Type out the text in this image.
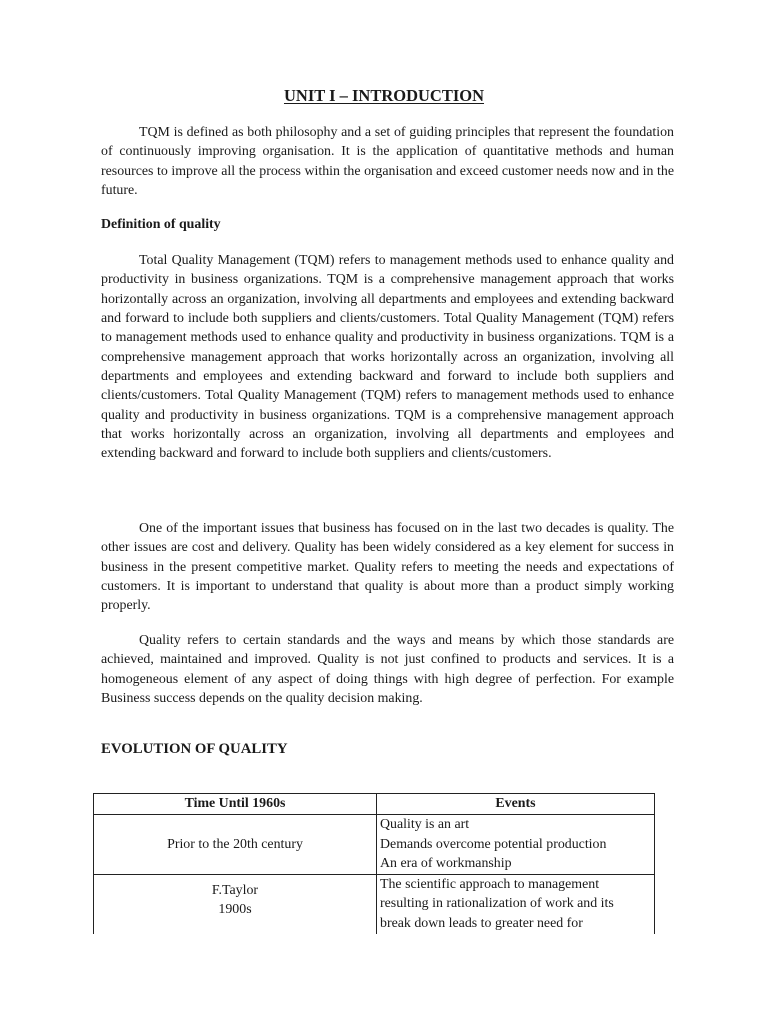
UNIT I – INTRODUCTION

TQM is defined as both philosophy and a set of guiding principles that represent the foundation of continuously improving organisation. It is the application of quantitative methods and human resources to improve all the process within the organisation and exceed customer needs now and in the future.

Definition of quality

Total Quality Management (TQM) refers to management methods used to enhance quality and productivity in business organizations. TQM is a comprehensive management approach that works horizontally across an organization, involving all departments and employees and extending backward and forward to include both suppliers and clients/customers. Total Quality Management (TQM) refers to management methods used to enhance quality and productivity in business organizations. TQM is a comprehensive management approach that works horizontally across an organization, involving all departments and employees and extending backward and forward to include both suppliers and clients/customers. Total Quality Management (TQM) refers to management methods used to enhance quality and productivity in business organizations. TQM is a comprehensive management approach that works horizontally across an organization, involving all departments and employees and extending backward and forward to include both suppliers and clients/customers.

One of the important issues that business has focused on in the last two decades is quality. The other issues are cost and delivery. Quality has been widely considered as a key element for success in business in the present competitive market. Quality refers to meeting the needs and expectations of customers. It is important to understand that quality is about more than a product simply working properly.

Quality refers to certain standards and the ways and means by which those standards are achieved, maintained and improved. Quality is not just confined to products and services. It is a homogeneous element of any aspect of doing things with high degree of perfection. For example Business success depends on the quality decision making.

EVOLUTION OF QUALITY

Time Until 1960s	Events

Prior to the 20th century	Quality is an art
Demands overcome potential production
An era of workmanship

F.Taylor
1900s	The scientific approach to management
resulting in rationalization of work and its
break down leads to greater need for
